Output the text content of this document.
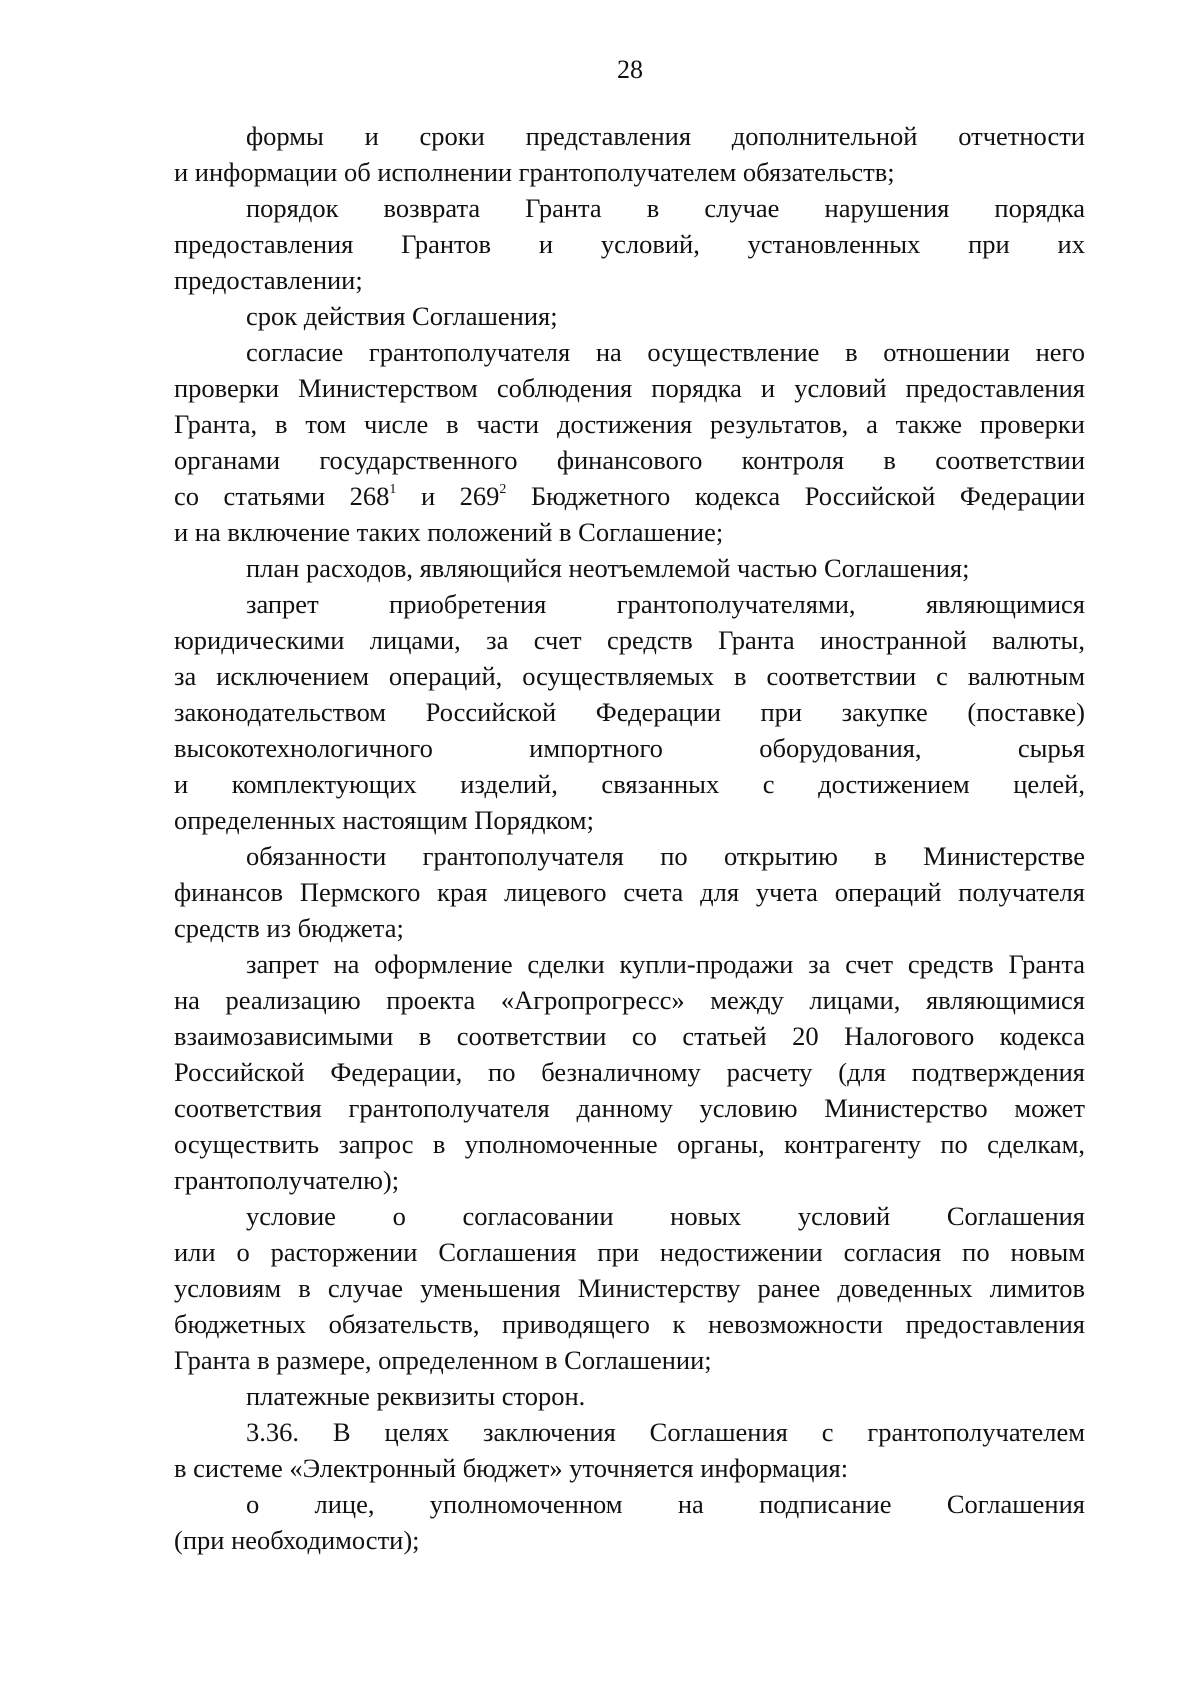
28
формы и сроки представления дополнительной отчетности
и информации об исполнении грантополучателем обязательств;
порядок возврата Гранта в случае нарушения порядка
предоставления Грантов и условий, установленных при их
предоставлении;
срок действия Соглашения;
согласие грантополучателя на осуществление в отношении него
проверки Министерством соблюдения порядка и условий предоставления
Гранта, в том числе в части достижения результатов, а также проверки
органами государственного финансового контроля в соответствии
со статьями $268^1$ и $269^2$ Бюджетного кодекса Российской Федерации
и на включение таких положений в Соглашение;
план расходов, являющийся неотъемлемой частью Соглашения;
запрет приобретения грантополучателями, являющимися
юридическими лицами, за счет средств Гранта иностранной валюты,
за исключением операций, осуществляемых в соответствии с валютным
законодательством Российской Федерации при закупке (поставке)
высокотехнологичного импортного оборудования, сырья
и комплектующих изделий, связанных с достижением целей,
определенных настоящим Порядком;
обязанности грантополучателя по открытию в Министерстве
финансов Пермского края лицевого счета для учета операций получателя
средств из бюджета;
запрет на оформление сделки купли-продажи за счет средств Гранта
на реализацию проекта «Агропрогресс» между лицами, являющимися
взаимозависимыми в соответствии со статьей 20 Налогового кодекса
Российской Федерации, по безналичному расчету (для подтверждения
соответствия грантополучателя данному условию Министерство может
осуществить запрос в уполномоченные органы, контрагенту по сделкам,
грантополучателю);
условие о согласовании новых условий Соглашения
или о расторжении Соглашения при недостижении согласия по новым
условиям в случае уменьшения Министерству ранее доведенных лимитов
бюджетных обязательств, приводящего к невозможности предоставления
Гранта в размере, определенном в Соглашении;
платежные реквизиты сторон.
3.36. В целях заключения Соглашения с грантополучателем
в системе «Электронный бюджет» уточняется информация:
о лице, уполномоченном на подписание Соглашения
(при необходимости);
